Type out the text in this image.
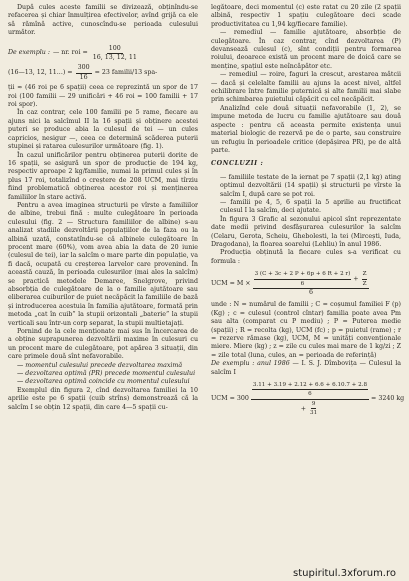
După cules aceste familii se divizează, obținîndu-se refacerea și chiar înmulțirea efectivelor, avînd grijă ca ele să rămînă active, cunoscîndu-se perioada culesului următor.

De exemplu : — nr. roi = $\frac{100}{16, 13, 12, 11}$
(16—13, 12, $11...) = \frac{300}{16} = 23$ familii/13 spa-

ții ≈ (46 roi pe 6 spații) ceea ce reprezintă un spor de 17 roi (100 familii — 29 unificări + 46 roi = 100 familii + 17 roi spor).

În caz contrar, cele 100 familii pe 5 rame, fiecare au ajuns nici la salcîmul II la 16 spații și obținere acestei puteri se produce abia la culesul de tei — un cules capricios, nesigur —, ceea ce determină scăderea puterii stupinei și ratarea culesurilor următoare (fig. 1).

În cazul unificărilor pentru obținerea puterii dorite de 16 spații, se asigură un spor de producție de 194 kg, respectiv aproape 2 kg/familie, numai la primul cules și în plus 17 roi, totalizînd o creștere de 208 UCM, mai tîrziu fiind problematică obținerea acestor roi și menținerea familiilor în stare activă.

Pentru a avea imaginea structurii pe vîrste a familiilor de albine, trebui fină : multe culegătoare în perioada culesului (fig. 2 — Structura familiilor de albine) s-au analizat stadiile dezvoltării populațiilor de la faza ou la albină uzată, constatîndu-se că albinele culegătoare în procent mare (60%), vom avea abia la data de 20 iunie (culesul de tei), iar la salcîm o mare parte din populație, va fi dacă, ocupată cu creșterea larvelor care provenind. În această cauză, în perioada culesurilor (mai ales la salcîm) se practică metodele Demaree, Snelgrove, privind absorbția de culegătoare de la o familie ajutătoare sau eliberarea cuiburilor de puiet necăpăcit la familiile de bază și introducerea acestuia în familia ajutătoare, formată prin metoda „cat în cuib” la stupii orizontali „baterie” la stupii verticali sau într-un corp separat, la stupii multietajați.

Pornind de la cele menționate mai sus în încercarea de a obține suprapunerea dezvoltării maxime în culesuri cu un procent mare de culegătoare, pot apărea 3 situații, din care primele două sînt nefavorabile.

— momentul culesului precede dezvoltarea maximă

— dezvoltarea optimă (PR) precede momentul culesului

— dezvoltarea optimă coincide cu momentul culesului

Exemplul din figura 2, cînd dezvoltarea familiei la 10 aprilie este pe 6 spații (cuib strîns) demonstrează că la salcîm I se obțin 12 spații, din care 4—5 spații cu-

legătoare, deci momentul (c) este ratat cu 20 zile (2 spații albină, respectiv 1 spațiu culegătoare deci scade productivitatea cu 1,94 kg/fiecare familie).

— remediul — familie ajutătoare, absorbție de culegătoare. În caz contrar, cînd dezvoltarea (P) devansează culesul (c), sînt condiții pentru formarea roiului, deoarece există un procent mare de doică care se menține, spațiul este neîncăpător etc.

— remediul — roire, faguri la crescut, arestarea mătcii — dacă și celelalte familii au ajuns la acest nivel, altfel echilibrare între familie puternică și alte familii mai slabe prin schimbarea puietului căpăcit cu cel necăpăcit.

Analizînd cele două situații nefavorabile (1, 2), se impune metoda de lucru cu familie ajutătoare sau două aspecte : pentru că aceasta permite existența unui material biologic de rezervă pe de o parte, sau construire un refugiu în perioadele critice (depășirea PR), pe de altă parte.

CONCLUZII :

— familiile testate de la iernat pe 7 spații (2,1 kg) ating optimul dezvoltării (14 spații) și structurii pe vîrste la salcîm I, după care se pot roi.

— familii pe 4, 5, 6 spații la 5 aprilie au fructificat culesul I la salcîm, deci ajutate.

În figura 3 Grafic al sezonului apicol sînt reprezentate date medii privind desfășurarea culesurilor la salcîm (Celaru, Gerota, Scheiu, Ghebolesti, la tei (Mircești, Iuda, Dragodana), la floarea soarelui (Lehliu) în anul 1986.

Producția obținută la fiecare cules s-a verificat cu formula :

UCM = $M \times \frac{3 (C + 3c + 2 P + 6p + 6 R + 2 r)}{6} + \frac{Z}{Z}$
6

unde : N = numărul de familii ; C = coșumul familiei F (p) (Kg) ; c = culesul (control cîntar) familia poate avea Pm sau alta (comparat cu P mediu) ; P = Puterea medie (spații) ; R = recolta (kg), UCM (fc) ; p = puietul (rame) ; r = rezerve rămase (kg), UCM, M = unități convenționale miere. Miere (kg) ; z = zile cu cules mai mare de 1 kg/zi ; Z = zile total (luna, cules, an = perioada de referință)

De exemplu : anul 1986 — I. S. J. Dîmbovița — Culesul la salcîm I

UCM = $300 \frac{\frac{3.11 + 3.19 + 2.12 + 6.6 + 6.10.7 + 2.8}{6}}{+ \frac{9}{31}} = 3240$ kg
stupiritul.3xforum.ro
